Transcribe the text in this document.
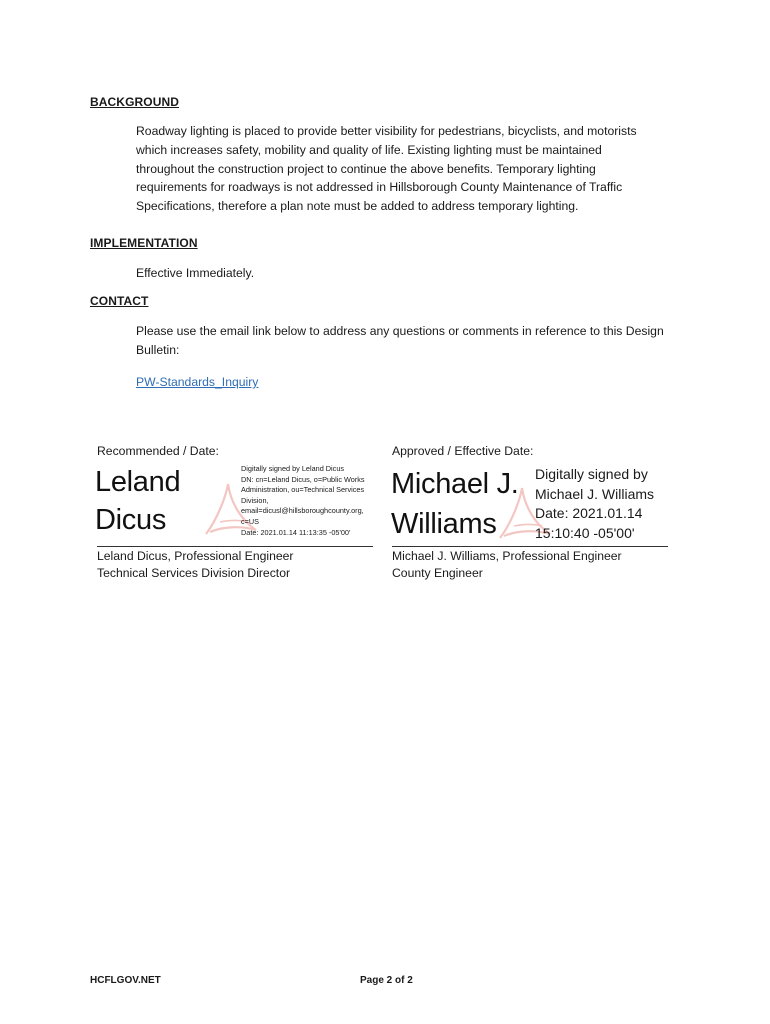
BACKGROUND
Roadway lighting is placed to provide better visibility for pedestrians, bicyclists, and motorists
which increases safety, mobility and quality of life. Existing lighting must be maintained
throughout the construction project to continue the above benefits. Temporary lighting
requirements for roadways is not addressed in Hillsborough County Maintenance of Traffic
Specifications, therefore a plan note must be added to address temporary lighting.
IMPLEMENTATION
Effective Immediately.
CONTACT
Please use the email link below to address any questions or comments in reference to this Design
Bulletin:
PW-Standards_Inquiry
Recommended / Date:
Leland
Dicus
Digitally signed by Leland Dicus
DN: cn=Leland Dicus, o=Public Works
Administration, ou=Technical Services
Division,
email=dicusl@hillsboroughcounty.org,
c=US
Date: 2021.01.14 11:13:35 -05'00'
Leland Dicus, Professional Engineer
Technical Services Division Director
Approved / Effective Date:
Michael J.
Williams
Digitally signed by
Michael J. Williams
Date: 2021.01.14
15:10:40 -05'00'
Michael J. Williams, Professional Engineer
County Engineer
HCFLGOV.NET	Page 2 of 2
